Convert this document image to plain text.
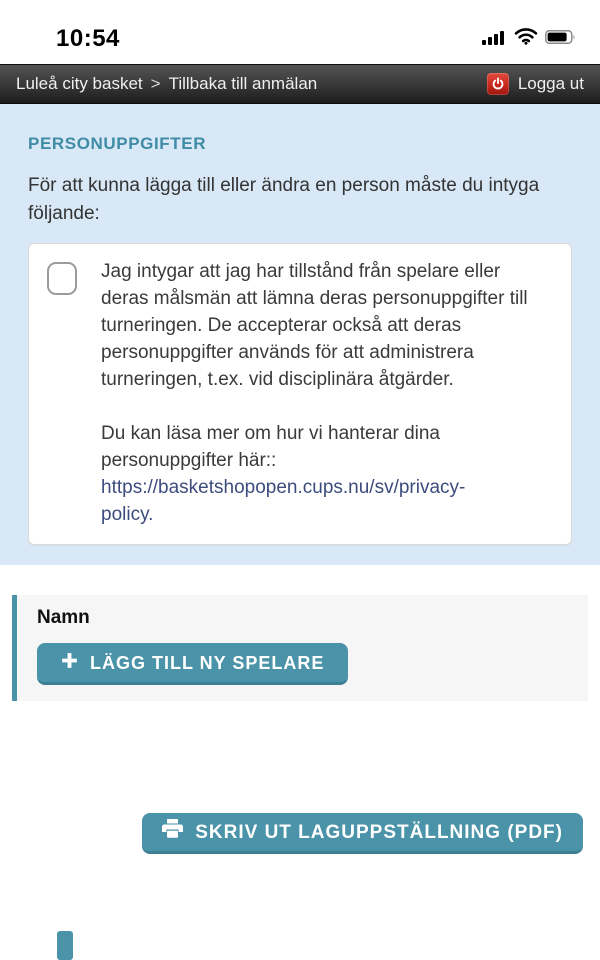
10:54
Luleå city basket > Tillbaka till anmälan	Logga ut
PERSONUPPGIFTER

För att kunna lägga till eller ändra en person måste du intyga följande:

Jag intygar att jag har tillstånd från spelare eller deras målsmän att lämna deras personuppgifter till turneringen. De accepterar också att deras personuppgifter används för att administrera turneringen, t.ex. vid disciplinära åtgärder.

Du kan läsa mer om hur vi hanterar dina personuppgifter här::
https://basketshopopen.cups.nu/sv/privacy-
policy.

Namn

LÄGG TILL NY SPELARE
SKRIV UT LAGUPPSTÄLLNING (PDF)
